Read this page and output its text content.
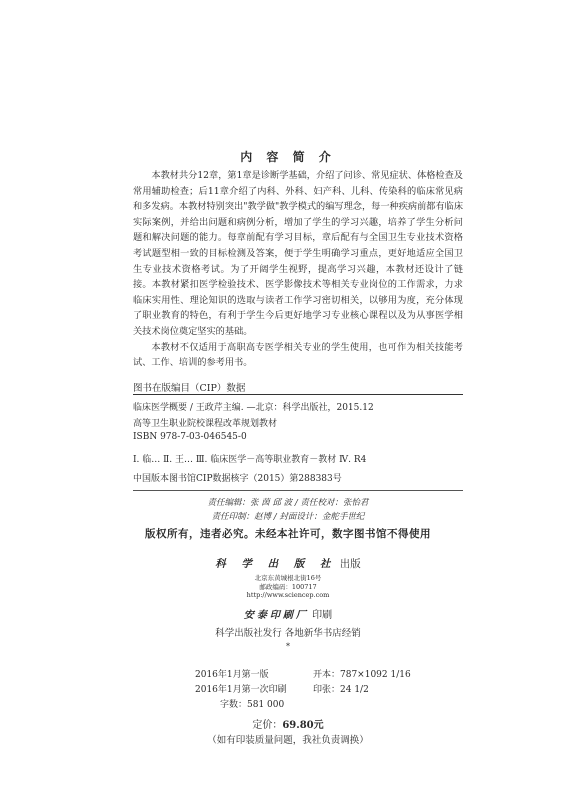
内 容 简 介

本教材共分12章，第1章是诊断学基础，介绍了问诊、常见症状、体格检查及常用辅助检查；后11章介绍了内科、外科、妇产科、儿科、传染科的临床常见病和多发病。本教材特别突出"教学做"教学模式的编写理念，每一种疾病前都有临床实际案例，并给出问题和病例分析，增加了学生的学习兴趣，培养了学生分析问题和解决问题的能力。每章前配有学习目标，章后配有与全国卫生专业技术资格考试题型相一致的目标检测及答案，便于学生明确学习重点，更好地适应全国卫生专业技术资格考试。为了开阔学生视野，提高学习兴趣，本教材还设计了链接。本教材紧扣医学检验技术、医学影像技术等相关专业岗位的工作需求，力求临床实用性、理论知识的选取与读者工作学习密切相关，以够用为度，充分体现了职业教育的特色，有利于学生今后更好地学习专业核心课程以及为从事医学相关技术岗位奠定坚实的基础。

本教材不仅适用于高职高专医学相关专业的学生使用，也可作为相关技能考试、工作、培训的参考用书。

图书在版编目（CIP）数据
临床医学概要 / 王政芹主编. —北京：科学出版社，2015.12
高等卫生职业院校课程改革规划教材
ISBN 978-7-03-046545-0
Ⅰ. 临… Ⅱ. 王… Ⅲ. 临床医学－高等职业教育－教材 Ⅳ. R4
中国版本图书馆CIP数据核字（2015）第288383号
责任编辑：张 茵 邱 波 / 责任校对：张怡君
责任印制：赵博 / 封面设计：金舵手世纪
版权所有，违者必究。未经本社许可，数字图书馆不得使用
科 学 出 版 社 出版
北京东黄城根北街16号
邮政编码：100717
http://www.sciencep.com
安泰印刷厂 印刷
科学出版社发行 各地新华书店经销
*
2016年1月第一版	开本：787×1092 1/16
2016年1月第一次印刷	印张：24 1/2
字数：581 000
定价：69.80元
（如有印装质量问题，我社负责调换）
